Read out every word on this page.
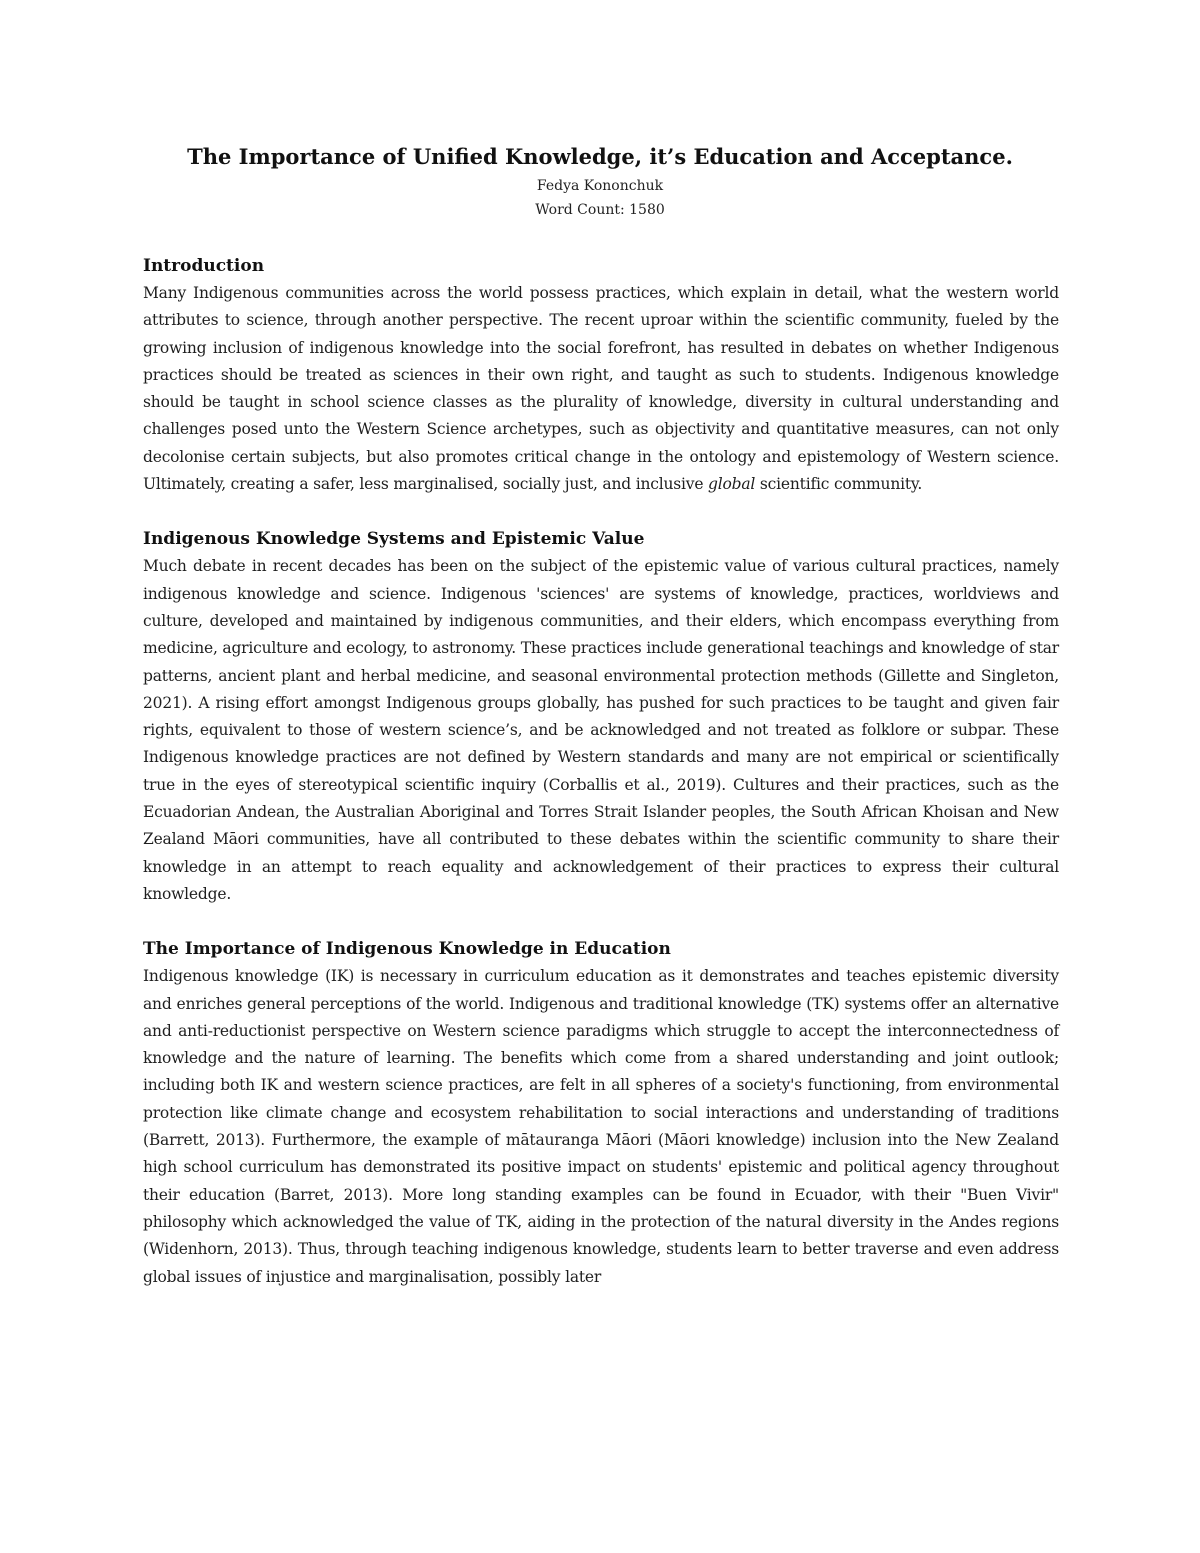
The Importance of Unified Knowledge, it’s Education and Acceptance.
Fedya Kononchuk
Word Count: 1580
Introduction

Many Indigenous communities across the world possess practices, which explain in detail, what the western world attributes to science, through another perspective. The recent uproar within the scientific community, fueled by the growing inclusion of indigenous knowledge into the social forefront, has resulted in debates on whether Indigenous practices should be treated as sciences in their own right, and taught as such to students. Indigenous knowledge should be taught in school science classes as the plurality of knowledge, diversity in cultural understanding and challenges posed unto the Western Science archetypes, such as objectivity and quantitative measures, can not only decolonise certain subjects, but also promotes critical change in the ontology and epistemology of Western science. Ultimately, creating a safer, less marginalised, socially just, and inclusive global scientific community.

Indigenous Knowledge Systems and Epistemic Value

Much debate in recent decades has been on the subject of the epistemic value of various cultural practices, namely indigenous knowledge and science. Indigenous 'sciences' are systems of knowledge, practices, worldviews and culture, developed and maintained by indigenous communities, and their elders, which encompass everything from medicine, agriculture and ecology, to astronomy. These practices include generational teachings and knowledge of star patterns, ancient plant and herbal medicine, and seasonal environmental protection methods (Gillette and Singleton, 2021). A rising effort amongst Indigenous groups globally, has pushed for such practices to be taught and given fair rights, equivalent to those of western science’s, and be acknowledged and not treated as folklore or subpar. These Indigenous knowledge practices are not defined by Western standards and many are not empirical or scientifically true in the eyes of stereotypical scientific inquiry (Corballis et al., 2019). Cultures and their practices, such as the Ecuadorian Andean, the Australian Aboriginal and Torres Strait Islander peoples, the South African Khoisan and New Zealand Māori communities, have all contributed to these debates within the scientific community to share their knowledge in an attempt to reach equality and acknowledgement of their practices to express their cultural knowledge.

The Importance of Indigenous Knowledge in Education

Indigenous knowledge (IK) is necessary in curriculum education as it demonstrates and teaches epistemic diversity and enriches general perceptions of the world. Indigenous and traditional knowledge (TK) systems offer an alternative and anti-reductionist perspective on Western science paradigms which struggle to accept the interconnectedness of knowledge and the nature of learning. The benefits which come from a shared understanding and joint outlook; including both IK and western science practices, are felt in all spheres of a society's functioning, from environmental protection like climate change and ecosystem rehabilitation to social interactions and understanding of traditions (Barrett, 2013). Furthermore, the example of mātauranga Māori (Māori knowledge) inclusion into the New Zealand high school curriculum has demonstrated its positive impact on students' epistemic and political agency throughout their education (Barret, 2013). More long standing examples can be found in Ecuador, with their "Buen Vivir" philosophy which acknowledged the value of TK, aiding in the protection of the natural diversity in the Andes regions (Widenhorn, 2013). Thus, through teaching indigenous knowledge, students learn to better traverse and even address global issues of injustice and marginalisation, possibly later
